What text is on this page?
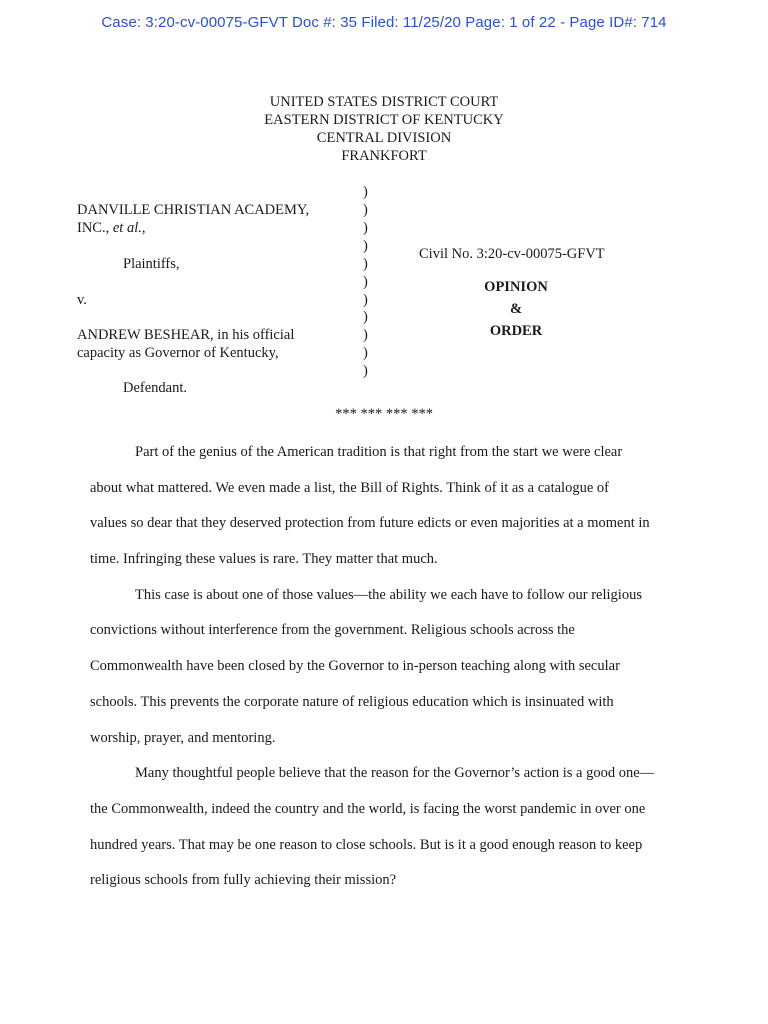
Case: 3:20-cv-00075-GFVT Doc #: 35 Filed: 11/25/20 Page: 1 of 22 - Page ID#: 714
UNITED STATES DISTRICT COURT
EASTERN DISTRICT OF KENTUCKY
CENTRAL DIVISION
FRANKFORT
DANVILLE CHRISTIAN ACADEMY,
INC., et al.,
Plaintiffs,
v.
ANDREW BESHEAR, in his official
capacity as Governor of Kentucky,
Defendant.
)
)
)
)
)
)
)
)
)
)
)
Civil No. 3:20-cv-00075-GFVT
OPINION
&
ORDER
*** *** *** ***
Part of the genius of the American tradition is that right from the start we were clear
about what mattered. We even made a list, the Bill of Rights. Think of it as a catalogue of
values so dear that they deserved protection from future edicts or even majorities at a moment in
time. Infringing these values is rare. They matter that much.
This case is about one of those values—the ability we each have to follow our religious
convictions without interference from the government. Religious schools across the
Commonwealth have been closed by the Governor to in-person teaching along with secular
schools. This prevents the corporate nature of religious education which is insinuated with
worship, prayer, and mentoring.
Many thoughtful people believe that the reason for the Governor’s action is a good one—
the Commonwealth, indeed the country and the world, is facing the worst pandemic in over one
hundred years. That may be one reason to close schools. But is it a good enough reason to keep
religious schools from fully achieving their mission?
